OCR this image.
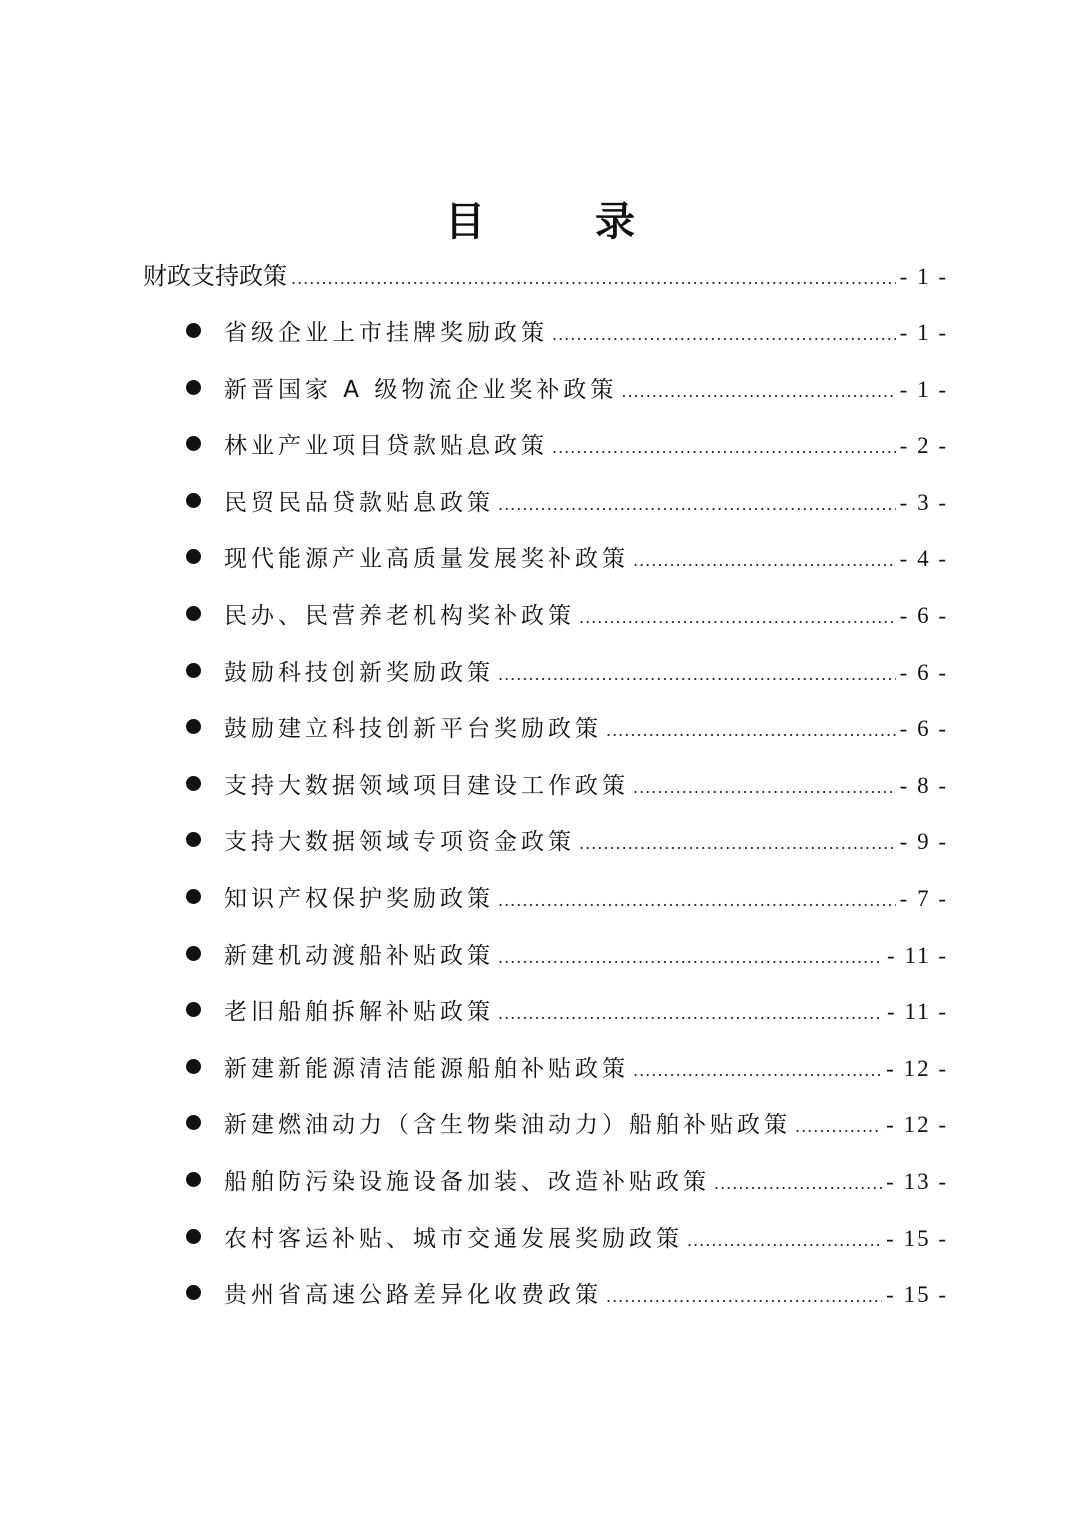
目 录
财政支持政策 .....	- 1 -
省级企业上市挂牌奖励政策 .....	- 1 -
新晋国家 A 级物流企业奖补政策 .....	- 1 -
林业产业项目贷款贴息政策 .....	- 2 -
民贸民品贷款贴息政策 .....	- 3 -
现代能源产业高质量发展奖补政策 .....	- 4 -
民办、民营养老机构奖补政策 .....	- 6 -
鼓励科技创新奖励政策 .....	- 6 -
鼓励建立科技创新平台奖励政策 .....	- 6 -
支持大数据领域项目建设工作政策 .....	- 8 -
支持大数据领域专项资金政策 .....	- 9 -
知识产权保护奖励政策 .....	- 7 -
新建机动渡船补贴政策 .....	- 11 -
老旧船舶拆解补贴政策 .....	- 11 -
新建新能源清洁能源船舶补贴政策 .....	- 12 -
新建燃油动力（含生物柴油动力）船舶补贴政策 .....	- 12 -
船舶防污染设施设备加装、改造补贴政策 .....	- 13 -
农村客运补贴、城市交通发展奖励政策 .....	- 15 -
贵州省高速公路差异化收费政策 .....	- 15 -
